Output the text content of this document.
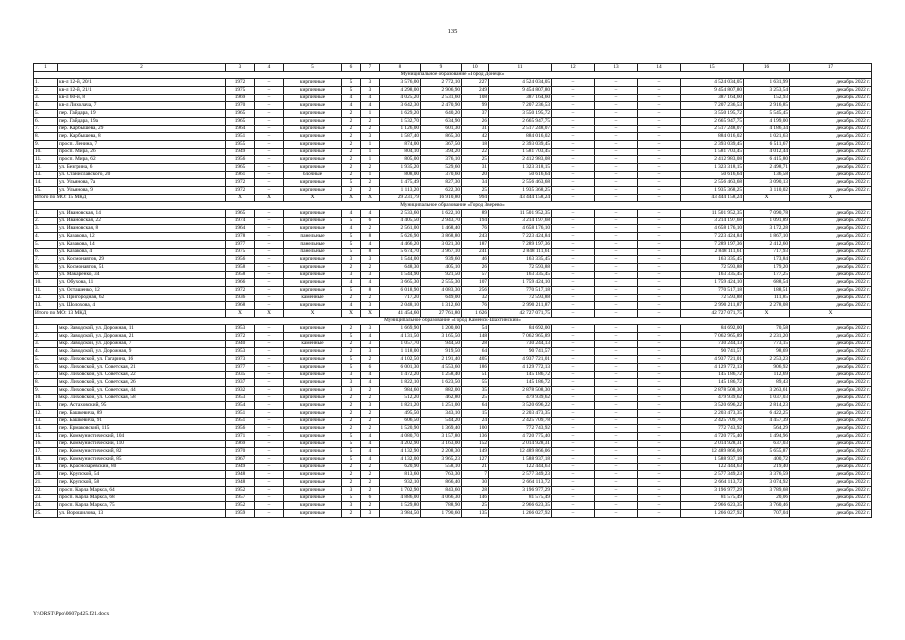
135
1	2	3	4	5	6	7	8	9	10	11	12	13	14	15	16	17
Муниципальное образование «Город Донецк»																
1.	кв-л 12-й, 20/1	1972	–	кирпичные	5	3	3 576,00	2 772,10	227	4 524 034,05	–	–	–	4 524 034,05	1 631,99	декабрь 2022 г.
2.	кв-л 12-й, 21/1	1975	–	кирпичные	5	3	4 298,00	2 906,90	249	9 454 807,80	–	–	–	9 454 807,80	3 253,54	декабрь 2022 г.
3.	кв-л 60-й, 8	1969	–	кирпичные	4	4	4 025,20	2 531,60	108	387 164,60	–	–	–	387 164,60	152,93	декабрь 2022 г.
4.	кв-л Лихолача, 7	1970	–	кирпичные	4	4	3 642,30	2 470,90	99	7 207 236,53	–	–	–	7 207 236,53	2 916,85	декабрь 2022 г.
5.	пер. Гайдара, 19	1965	–	кирпичные	2	1	1 629,20	640,20	37	3 550 195,72	–	–	–	3 550 195,72	5 545,45	декабрь 2022 г.
6.	пер. Гайдара, 19а	1965	–	кирпичные	2	2	1 532,70	634,90	26	2 665 947,75	–	–	–	2 665 947,75	4 199,00	декабрь 2022 г.
7.	пер. Карбышева, 29	1964	–	кирпичные	2	2	1 126,00	601,30	31	2 517 248,07	–	–	–	2 517 248,07	4 186,34	декабрь 2022 г.
8.	пер. Карбышева, 8	1951	–	кирпичные	2	3	1 587,40	865,30	42	884 016,02	–	–	–	884 016,02	1 021,63	декабрь 2022 г.
9.	просп. Ленина, 7	1955	–	кирпичные	2	1	874,00	367,50	18	2 393 039,45	–	–	–	2 393 039,45	6 511,67	декабрь 2022 г.
10.	просп. Мира, 26	1949	–	кирпичные	2	1	804,10	394,20	22	1 581 703,45	–	–	–	1 581 703,45	4 012,44	декабрь 2022 г.
11.	просп. Мира, 62	1956	–	кирпичные	2	1	805,00	376,10	25	2 412 983,08	–	–	–	2 412 983,08	6 415,80	декабрь 2022 г.
12.	ул. Безгрина, 6	1965	–	кирпичные	2	2	1 935,20	529,60	31	1 323 318,15	–	–	–	1 323 318,15	2 498,71	декабрь 2022 г.
13.	ул. Станиславского, 20	1961	–	блочные	2	1	808,00	370,60	20	50 616,64	–	–	–	50 616,64	136,58	декабрь 2022 г.
14.	ул. Ульянова, 7а	1972	–	кирпичные	5	2	1 475,49	827,30	34	2 556 463,68	–	–	–	2 556 463,68	3 090,13	декабрь 2022 г.
15.	ул. Ульянова, 9	1972	–	кирпичные	2	2	1 113,20	622,30	25	1 935 368,25	–	–	–	1 935 368,25	3 110,02	декабрь 2022 г.
Итого по МО: 15 МКД		X	X	X	X	X	29 231,79	16 910,80	994	43 444 158,24	–	–	–	43 444 158,24	X	X
Муниципальное образование «Город Зверево»																
1.	ул. Ивановская, 14	1965	–	кирпичные	4	4	2 533,60	1 622,10	89	11 501 952,35	–	–	–	11 501 952,35	7 090,78	декабрь 2022 г.
2.	ул. Ивановская, 22	1974	–	кирпичные	5	6	4 405,50	2 943,70	194	3 214 197,68	–	–	–	3 214 197,68	1 091,89	декабрь 2022 г.
3.	ул. Ивановская, 8	1964	–	кирпичные	4	2	2 561,00	1 468,40	76	4 658 176,10	–	–	–	4 658 176,10	3 172,28	декабрь 2022 г.
4.	ул. Казакова, 12	1978	–	панельные	5	8	5 626,90	3 868,80	243	7 223 424,84	–	–	–	7 223 424,84	1 867,10	декабрь 2022 г.
5.	ул. Казакова, 14	1977	–	панельные	5	4	4 466,20	3 021,30	187	7 289 197,36	–	–	–	7 289 197,36	2 412,60	декабрь 2022 г.
6.	ул. Казакова, 4	1975	–	панельные	5	8	5 674,70	3 967,10	241	2 848 111,61	–	–	–	2 848 111,61	717,93	декабрь 2022 г.
7.	ул. Космонавтов, 29	1956	–	кирпичные	3	3	1 544,00	939,60	46	163 335,45	–	–	–	163 335,45	173,84	декабрь 2022 г.
8.	ул. Космонавтов, 51	1958	–	кирпичные	2	2	648,30	405,10	26	72 593,88	–	–	–	72 593,88	179,20	декабрь 2022 г.
9.	ул. Макаренко, 34	1958	–	кирпичные	3	3	1 544,90	921,50	57	163 335,45	–	–	–	163 335,45	177,25	декабрь 2022 г.
10.	ул. Обухова, 11	1966	–	кирпичные	4	4	3 665,30	2 555,30	107	1 759 424,10	–	–	–	1 759 424,10	688,54	декабрь 2022 г.
11.	ул. Осташенко, 12	1972	–	кирпичные	5	8	6 018,90	4 083,30	256	770 517,18	–	–	–	770 517,18	188,51	декабрь 2022 г.
12.	ул. Пригородная, 62	1936	–	каменные	2	2	717,20	649,00	32	72 593,88	–	–	–	72 593,88	111,85	декабрь 2022 г.
13.	ул. Шолохова, 4	1968	–	кирпичные	4	3	2 048,10	1 312,60	76	2 990 211,87	–	–	–	2 990 211,87	2 278,08	декабрь 2022 г.
Итого по МО: 13 МКД		X	X	X	X	X	41 454,60	27 761,80	1 626	42 727 071,75	–	–	–	42 727 071,75	X	X
Муниципальное образование «Город Каменск-Шахтинский»																
1.	мкр. Заводской, ул. Дорожная, 11	1953	–	кирпичные	2	3	1 669,90	1 200,00	54	84 692,00	–	–	–	84 692,00	70,58	декабрь 2022 г.
2.	мкр. Заводской, ул. Дорожная, 21	1972	–	кирпичные	5	4	4 131,50	3 165,50	148	7 062 965,89	–	–	–	7 062 965,89	2 231,20	декабрь 2022 г.
3.	мкр. Заводской, ул. Дорожная, 7	1940	–	каменные	2	3	1 057,70	944,50	28	730 244,13	–	–	–	730 244,13	773,15	декабрь 2022 г.
4.	мкр. Заводской, ул. Дорожная, 9	1953	–	кирпичные	2	3	1 118,00	919,50	64	90 741,57	–	–	–	90 741,57	98,69	декабрь 2022 г.
5.	мкр. Лиховской, ул. Гагарина, 16	1973	–	кирпичные	5	2	4 102,50	2 191,40	405	4 937 721,01	–	–	–	4 937 721,01	2 253,23	декабрь 2022 г.
6.	мкр. Лиховской, ул. Советская, 21	1977	–	кирпичные	5	6	6 001,30	4 553,60	186	4 129 772,13	–	–	–	4 129 772,13	906,92	декабрь 2022 г.
7.	мкр. Лиховской, ул. Советская, 22	1935	–	кирпичные	3	4	1 472,20	1 258,40	51	145 186,72	–	–	–	145 186,72	112,69	декабрь 2022 г.
8.	мкр. Лиховской, ул. Советская, 26	1937	–	кирпичные	3	4	1 822,10	1 623,50	55	145 186,72	–	–	–	145 186,72	89,43	декабрь 2022 г.
9.	мкр. Лиховской, ул. Советская, 44	1932	–	кирпичные	3	2	984,60	882,00	35	2 878 508,30	–	–	–	2 878 508,30	3 263,61	декабрь 2022 г.
10.	мкр. Лиховской, ул. Советская, 58	1953	–	кирпичные	2	2	512,20	462,80	25	479 939,62	–	–	–	479 939,62	1 037,03	декабрь 2022 г.
11.	пер. Астаховский, 95	1954	–	кирпичные	2	3	1 821,20	1 251,00	64	3 520 696,22	–	–	–	3 520 696,22	2 814,23	декабрь 2022 г.
12.	пер. Башкевича, 89	1951	–	кирпичные	2	2	495,50	343,10	15	2 203 473,35	–	–	–	2 203 473,35	6 422,25	декабрь 2022 г.
13.	пер. Башкевича, 91	1951	–	кирпичные	2	2	606,50	544,20	24	2 425 709,78	–	–	–	2 425 709,78	4 457,39	декабрь 2022 г.
14.	пер. Ермаковский, 115	1956	–	кирпичные	2	2	1 520,90	1 369,40	100	772 743,92	–	–	–	772 743,92	564,29	декабрь 2022 г.
15.	пер. Коммунистический, 104	1971	–	кирпичные	5	4	4 080,70	3 157,80	136	4 720 775,40	–	–	–	4 720 775,40	1 494,96	декабрь 2022 г.
16.	пер. Коммунистический, 110	1969	–	кирпичные	5	4	4 202,90	3 163,00	152	2 014 928,31	–	–	–	2 014 928,31	637,03	декабрь 2022 г.
17.	пер. Коммунистический, 82	1970	–	кирпичные	5	4	4 132,90	2 208,30	149	12 489 866,06	–	–	–	12 489 866,06	5 655,87	декабрь 2022 г.
18.	пер. Коммунистический, 85	1967	–	кирпичные	5	4	4 132,00	3 965,23	127	1 588 937,18	–	–	–	1 588 937,18	400,72	декабрь 2022 г.
19.	пер. Краснозаревский, 80	1949	–	кирпичные	2	2	620,90	558,10	21	122 444,63	–	–	–	122 444,63	219,40	декабрь 2022 г.
20.	пер. Крупской, 54	1948	–	кирпичные	2	2	813,60	763,30	7	2 577 349,23	–	–	–	2 577 349,23	3 376,59	декабрь 2022 г.
21.	пер. Крупской, 58	1948	–	кирпичные	2	2	932,10	866,40	30	2 664 113,72	–	–	–	2 664 113,72	3 074,92	декабрь 2022 г.
22.	просп. Карла Маркса, 64	1952	–	кирпичные	3	2	1 702,90	843,60	28	3 196 977,29	–	–	–	3 196 977,29	3 789,68	декабрь 2022 г.
23.	просп. Карла Маркса, 68	1957	–	кирпичные	5	6	4 886,00	4 066,30	146	81 575,49	–	–	–	81 575,49	20,06	декабрь 2022 г.
24.	просп. Карла Маркса, 75	1952	–	кирпичные	3	2	1 529,80	788,90	25	2 966 623,35	–	–	–	2 966 623,35	3 760,46	декабрь 2022 г.
25.	ул. Ворошилова, 13	1959	–	кирпичные	2	3	3 984,50	1 790,60	135	1 266 027,92	–	–	–	1 266 027,92	707,04	декабрь 2022 г.
Y:\ORST\Ppo\0607p425.f21.docx
